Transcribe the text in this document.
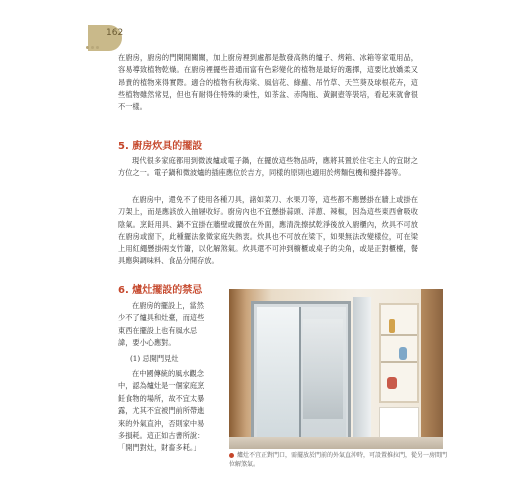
162

在廚房，廚房的門開開關關，加上廚房裡到處都是散發高熱的爐子、烤箱、冰箱等家電用品，容易導致植物乾燥。在廚房裡擺些普通而富有色彩變化的植物是最好的選擇，這要比放嬌柔又昂貴的植物來得實際。適合的植物有秋海棠、風信花、綠蘿、吊竹草、天竺葵及球根花卉，這些植物雖然常見，但也有耐得住特殊的秉性，如茶盆、赤陶瓶、黃銅壺等裝培，看起來就會很不一樣。

5. 廚房炊具的擺設

現代很多家庭都用到微波爐或電子鍋，在擺放這些物品時，應將其置於住宅主人的宜財之方位之一。電子鍋和微波爐的插座應位於吉方，同樣的原則也適用於烤麵包機和攪拌器等。

在廚房中，還免不了使用各種刀具，諸如菜刀、水果刀等，這些都不應懸掛在牆上或掛在刀架上，而是應該放入抽屜收好。廚房內也不宜懸掛蒜頭、洋蔥、辣椒，因為這些東西會吸收陰氣。烹飪用具、鍋不宜掛在牆壁或擺放在外面，應清洗擦拭乾淨後放入廚櫃內，炊具不可放在廚房或窗下，此種擺法象徵家庭失熱衷。炊具也不可放在梁下，如果無法改變樣位，可在梁上用紅繩懸掛兩支竹簫，以化解煞氣。炊具還不可沖到櫥櫃或桌子的尖角，或是正對櫃檯，餐具應與調味料、食品分開存放。

6. 爐灶擺設的禁忌

在廚房的擺設上，當然少不了爐具和灶臺，而這些東西在擺設上也有風水忌諱，要小心應對。

(1) 忌開門見灶

在中國傳統的風水觀念中，認為爐灶是一個家庭烹飪食物的場所，故不宜太暴露，尤其不宜被門前所帶進來的外氣直沖，否則家中易多損耗。這正如古書所說：「開門對灶，財畜多耗。」

爐灶不宜正對門口，需擺放於門前的外氣直沖時，可設置推拉門，從另一房間門位解煞氣。
